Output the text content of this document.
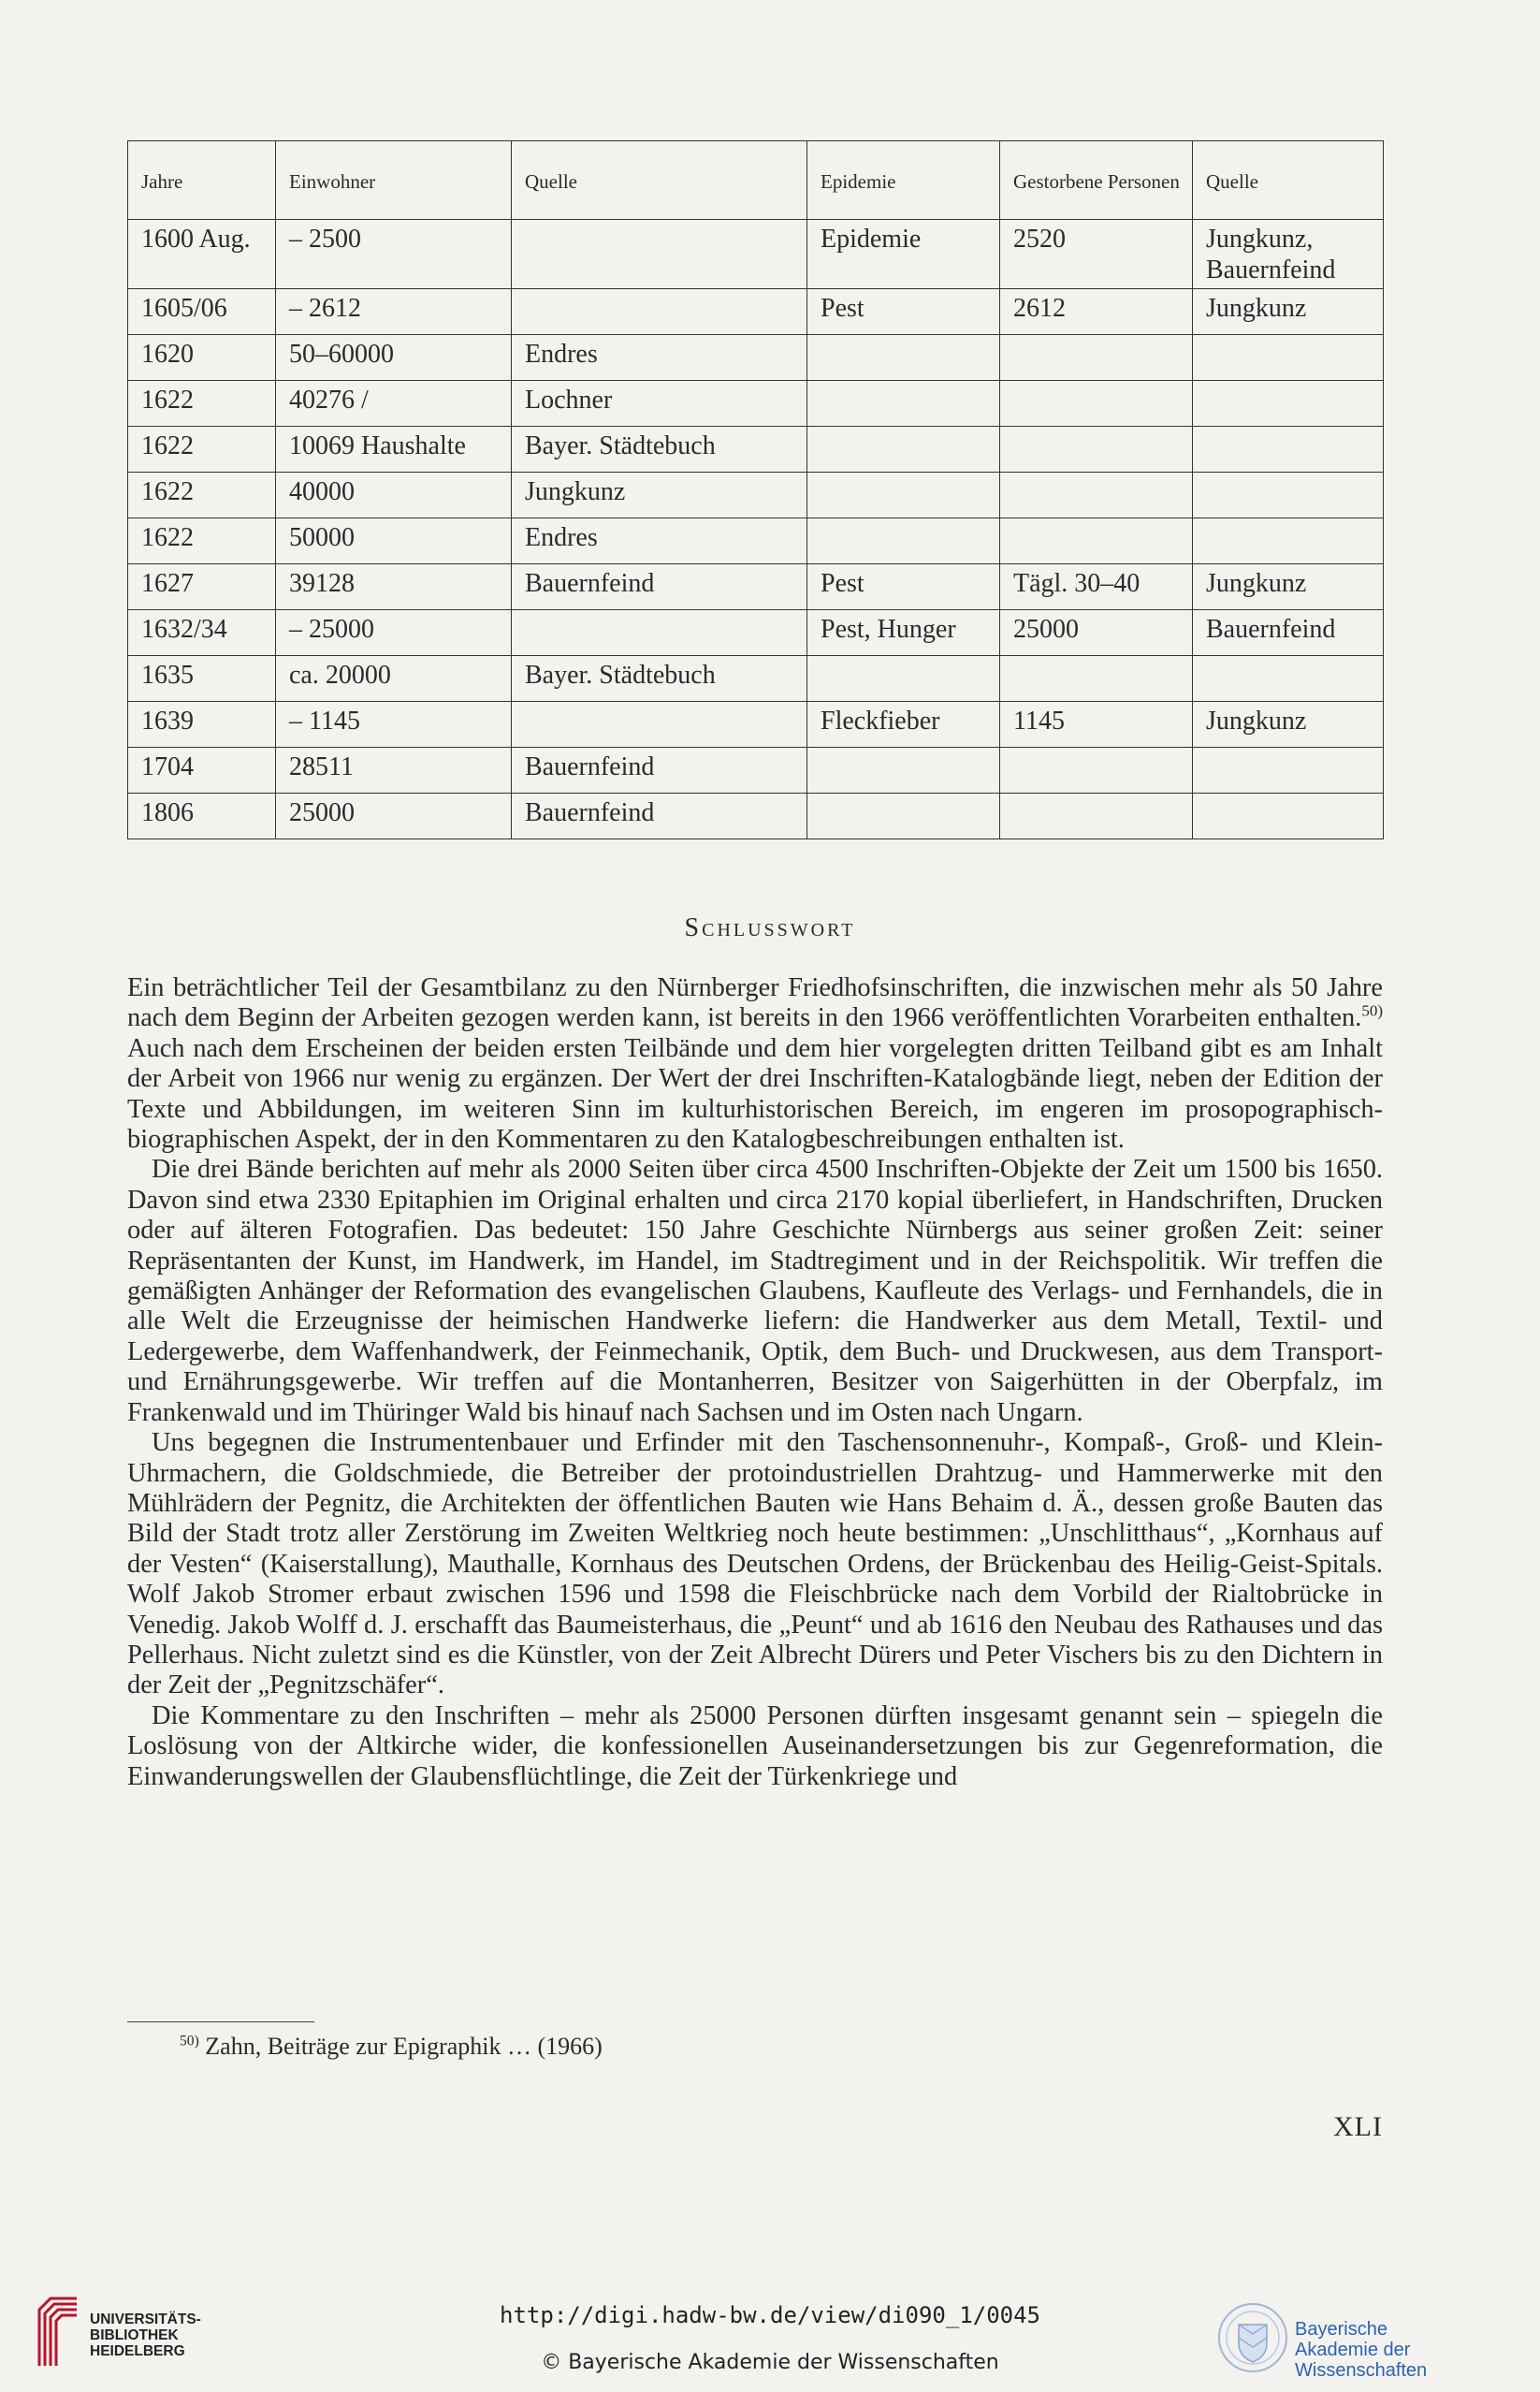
Jahre	Einwohner	Quelle	Epidemie	Gestorbene Personen	Quelle
1600 Aug.	– 2500		Epidemie	2520	Jungkunz, Bauernfeind
1605/06	– 2612		Pest	2612	Jungkunz
1620	50–60000	Endres			
1622	40276 /	Lochner			
1622	10069 Haushalte	Bayer. Städtebuch			
1622	40000	Jungkunz			
1622	50000	Endres			
1627	39128	Bauernfeind	Pest	Tägl. 30–40	Jungkunz
1632/34	– 25000		Pest, Hunger	25000	Bauernfeind
1635	ca. 20000	Bayer. Städtebuch			
1639	– 1145		Fleckfieber	1145	Jungkunz
1704	28511	Bauernfeind			
1806	25000	Bauernfeind			
Schlusswort

Ein beträchtlicher Teil der Gesamtbilanz zu den Nürnberger Friedhofsinschriften, die inzwischen mehr als 50 Jahre nach dem Beginn der Arbeiten gezogen werden kann, ist bereits in den 1966 veröffentlichten Vorarbeiten enthalten.$^{50)}$ Auch nach dem Erscheinen der beiden ersten Teilbände und dem hier vorgelegten dritten Teilband gibt es am Inhalt der Arbeit von 1966 nur wenig zu ergänzen. Der Wert der drei Inschriften-Katalogbände liegt, neben der Edition der Texte und Abbildungen, im weiteren Sinn im kulturhistorischen Bereich, im engeren im prosopographisch-biographischen Aspekt, der in den Kommentaren zu den Katalogbeschreibungen enthalten ist.

Die drei Bände berichten auf mehr als 2000 Seiten über circa 4500 Inschriften-Objekte der Zeit um 1500 bis 1650. Davon sind etwa 2330 Epitaphien im Original erhalten und circa 2170 kopial überliefert, in Handschriften, Drucken oder auf älteren Fotografien. Das bedeutet: 150 Jahre Geschichte Nürnbergs aus seiner großen Zeit: seiner Repräsentanten der Kunst, im Handwerk, im Handel, im Stadtregiment und in der Reichspolitik. Wir treffen die gemäßigten Anhänger der Reformation des evangelischen Glaubens, Kaufleute des Verlags- und Fernhandels, die in alle Welt die Erzeugnisse der heimischen Handwerke liefern: die Handwerker aus dem Metall, Textil- und Ledergewerbe, dem Waffenhandwerk, der Feinmechanik, Optik, dem Buch- und Druckwesen, aus dem Transport- und Ernährungsgewerbe. Wir treffen auf die Montanherren, Besitzer von Saigerhütten in der Oberpfalz, im Frankenwald und im Thüringer Wald bis hinauf nach Sachsen und im Osten nach Ungarn.

Uns begegnen die Instrumentenbauer und Erfinder mit den Taschensonnenuhr-, Kompaß-, Groß- und Klein-Uhrmachern, die Goldschmiede, die Betreiber der protoindustriellen Drahtzug- und Hammerwerke mit den Mühlrädern der Pegnitz, die Architekten der öffentlichen Bauten wie Hans Behaim d. Ä., dessen große Bauten das Bild der Stadt trotz aller Zerstörung im Zweiten Weltkrieg noch heute bestimmen: „Unschlitthaus“, „Kornhaus auf der Vesten“ (Kaiserstallung), Mauthalle, Kornhaus des Deutschen Ordens, der Brückenbau des Heilig-Geist-Spitals. Wolf Jakob Stromer erbaut zwischen 1596 und 1598 die Fleischbrücke nach dem Vorbild der Rialtobrücke in Venedig. Jakob Wolff d. J. erschafft das Baumeisterhaus, die „Peunt“ und ab 1616 den Neubau des Rathauses und das Pellerhaus. Nicht zuletzt sind es die Künstler, von der Zeit Albrecht Dürers und Peter Vischers bis zu den Dichtern in der Zeit der „Pegnitzschäfer“.

Die Kommentare zu den Inschriften – mehr als 25000 Personen dürften insgesamt genannt sein – spiegeln die Loslösung von der Altkirche wider, die konfessionellen Auseinandersetzungen bis zur Gegenreformation, die Einwanderungswellen der Glaubensflüchtlinge, die Zeit der Türkenkriege und

$^{50)}$ Zahn, Beiträge zur Epigraphik … (1966)
XLI
UNIVERSITÄTS-
BIBLIOTHEK
HEIDELBERG
http://digi.hadw-bw.de/view/di090_1/0045
© Bayerische Akademie der Wissenschaften
Bayerische
Akademie der Wissenschaften
